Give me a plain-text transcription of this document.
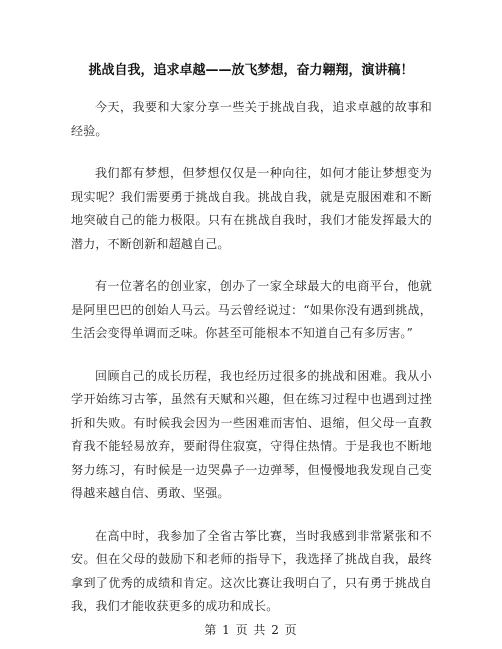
挑战自我，追求卓越——放飞梦想，奋力翱翔，演讲稿！

今天，我要和大家分享一些关于挑战自我，追求卓越的故事和经验。

我们都有梦想，但梦想仅仅是一种向往，如何才能让梦想变为现实呢？我们需要勇于挑战自我。挑战自我，就是克服困难和不断地突破自己的能力极限。只有在挑战自我时，我们才能发挥最大的潜力，不断创新和超越自己。

有一位著名的创业家，创办了一家全球最大的电商平台，他就是阿里巴巴的创始人马云。马云曾经说过：“如果你没有遇到挑战，生活会变得单调而乏味。你甚至可能根本不知道自己有多厉害。”

回顾自己的成长历程，我也经历过很多的挑战和困难。我从小学开始练习古筝，虽然有天赋和兴趣，但在练习过程中也遇到过挫折和失败。有时候我会因为一些困难而害怕、退缩，但父母一直教育我不能轻易放弃，要耐得住寂寞，守得住热情。于是我也不断地努力练习，有时候是一边哭鼻子一边弹琴，但慢慢地我发现自己变得越来越自信、勇敢、坚强。

在高中时，我参加了全省古筝比赛，当时我感到非常紧张和不安。但在父母的鼓励下和老师的指导下，我选择了挑战自我，最终拿到了优秀的成绩和肯定。这次比赛让我明白了，只有勇于挑战自我，我们才能收获更多的成功和成长。

第 1 页 共 2 页
